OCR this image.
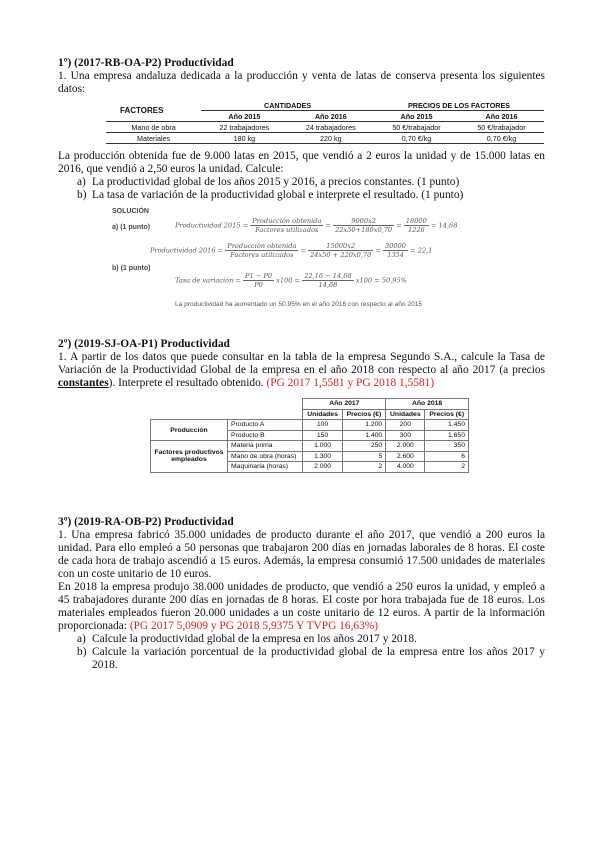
1º) (2017-RB-OA-P2) Productividad

1. Una empresa andaluza dedicada a la producción y venta de latas de conserva presenta los siguientes datos:

FACTORES	CANTIDADES		PRECIOS DE LOS FACTORES	
	Año 2015	Año 2016	Año 2015	Año 2016
Mano de obra	22 trabajadores	24 trabajadores	50 €/trabajador	50 €/trabajador
Materiales	180 kg	220 kg	0,70 €/kg	0,70 €/kg

La producción obtenida fue de 9.000 latas en 2015, que vendió a 2 euros la unidad y de 15.000 latas en 2016, que vendió a 2,50 euros la unidad. Calcule:

a) La productividad global de los años 2015 y 2016, a precios constantes. (1 punto)

b) La tasa de variación de la productividad global e interprete el resultado. (1 punto)

SOLUCIÓN
a) (1 punto)	Productividad $2015 = \frac{\text{Producción obtenida}}{\text{Factores utilizados}} = \frac{9000x2}{22x50+180x0,70} = \frac{18000}{1226} = 14,68$
Productividad $2016 = \frac{\text{Producción obtenida}}{\text{Factores utilizados}} = \frac{15000x2}{24x50 + 220x0,70} = \frac{30000}{1354} = 22,1$
b) (1 punto)
Tasa de variación = $\frac{P1 - P0}{P0} x100 = \frac{22,16 - 14,68}{14,68} x100 = 50,95\%$
La productividad ha aumentado un 50,95% en el año 2016 con respecto al año 2015

2º) (2019-SJ-OA-P1) Productividad

1. A partir de los datos que puede consultar en la tabla de la empresa Segundo S.A., calcule la Tasa de Variación de la Productividad Global de la empresa en el año 2018 con respecto al año 2017 (a precios constantes). Interprete el resultado obtenido. (PG 2017 1,5581 y PG 2018 1,5581)

		Año 2017		Año 2018	
		Unidades	Precios (€)	Unidades	Precios (€)
Producción	Producto A	100	1.200	200	1.450
	Producto B	150	1.400	300	1.650
Factores productivos empleados	Materia prima	1.000	250	2.000	350
	Mano de obra (horas)	1.300	5	2.600	6
	Maquinaria (horas)	2.000	2	4.000	2

3º) (2019-RA-OB-P2) Productividad

1. Una empresa fabricó 35.000 unidades de producto durante el año 2017, que vendió a 200 euros la unidad. Para ello empleó a 50 personas que trabajaron 200 días en jornadas laborales de 8 horas. El coste de cada hora de trabajo ascendió a 15 euros. Además, la empresa consumió 17.500 unidades de materiales con un coste unitario de 10 euros.

En 2018 la empresa produjo 38.000 unidades de producto, que vendió a 250 euros la unidad, y empleó a 45 trabajadores durante 200 días en jornadas de 8 horas. El coste por hora trabajada fue de 18 euros. Los materiales empleados fueron 20.000 unidades a un coste unitario de 12 euros. A partir de la información proporcionada: (PG 2017 5,0909 y PG 2018 5,9375 Y TVPG 16,63%)

a) Calcule la productividad global de la empresa en los años 2017 y 2018.

b) Calcule la variación porcentual de la productividad global de la empresa entre los años 2017 y 2018.
